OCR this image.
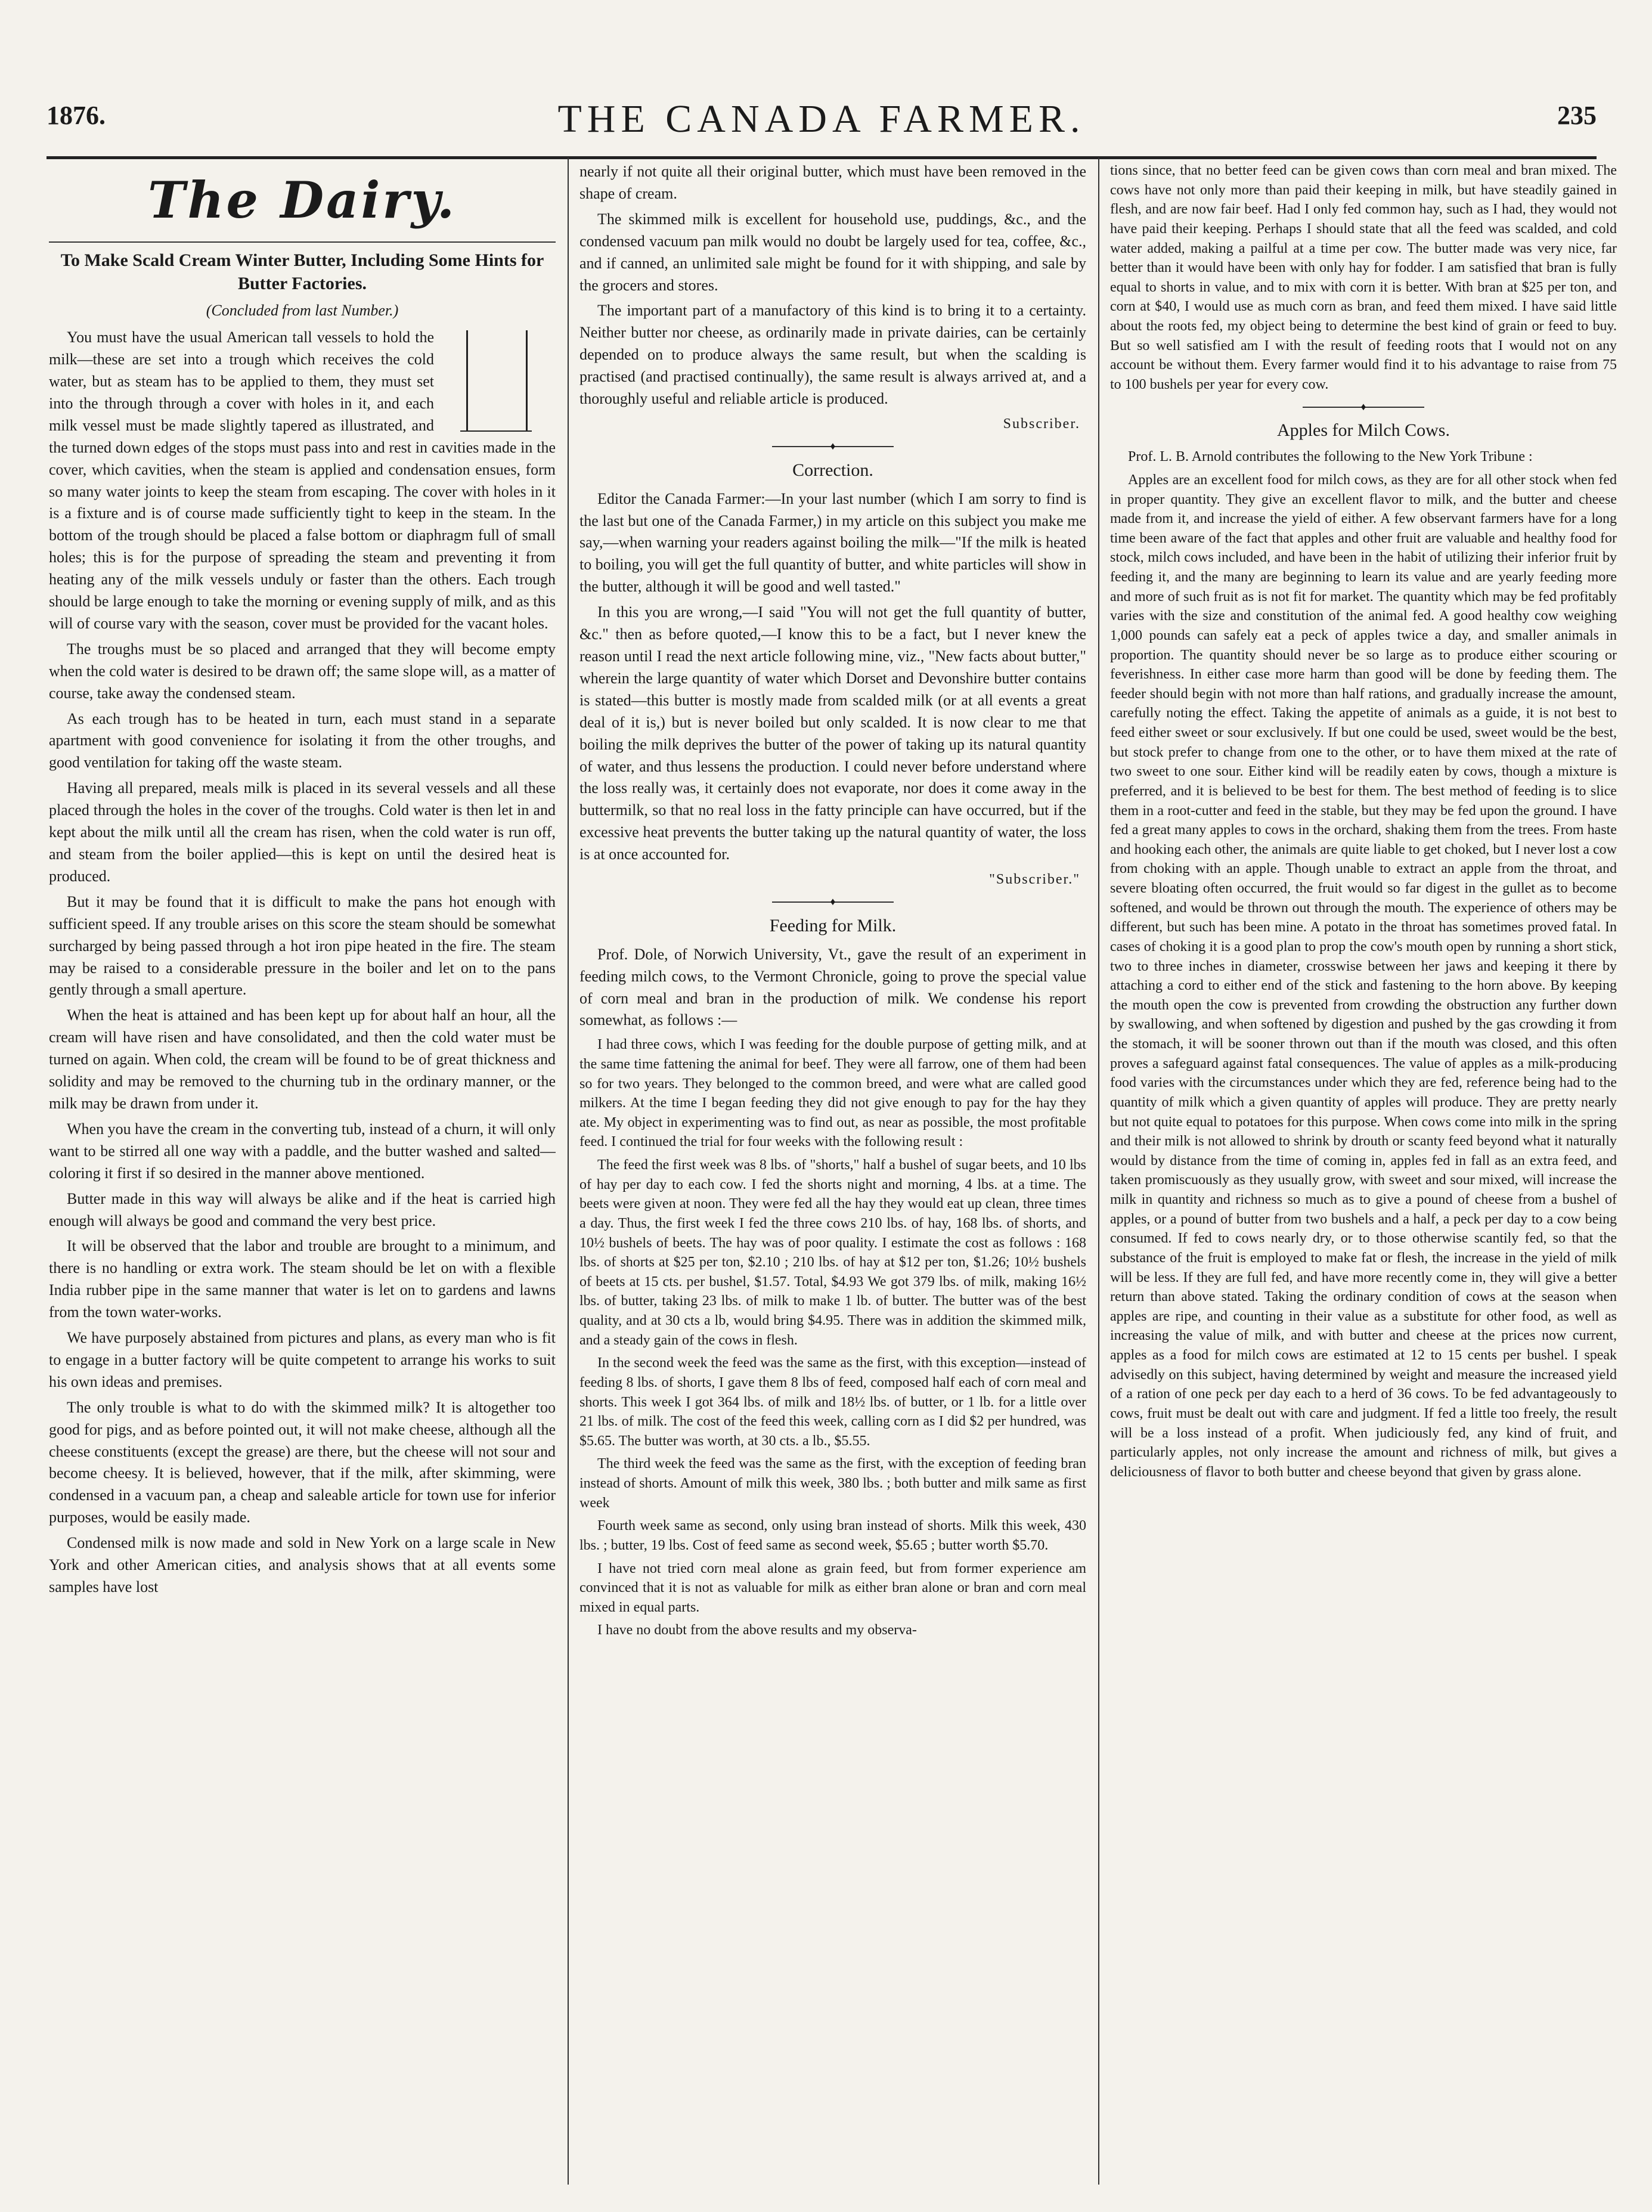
1876.	THE CANADA FARMER.	235
The Dairy.
To Make Scald Cream Winter Butter, Including Some Hints for Butter Factories.
(Concluded from last Number.)

You must have the usual American tall vessels to hold the milk—these are set into a trough which receives the cold water, but as steam has to be applied to them, they must set into the through through a cover with holes in it, and each milk vessel must be made slightly tapered as illustrated, and the turned down edges of the stops must pass into and rest in cavities made in the cover, which cavities, when the steam is applied and condensation ensues, form so many water joints to keep the steam from escaping. The cover with holes in it is a fixture and is of course made sufficiently tight to keep in the steam. In the bottom of the trough should be placed a false bottom or diaphragm full of small holes; this is for the purpose of spreading the steam and preventing it from heating any of the milk vessels unduly or faster than the others. Each trough should be large enough to take the morning or evening supply of milk, and as this will of course vary with the season, cover must be provided for the vacant holes.

The troughs must be so placed and arranged that they will become empty when the cold water is desired to be drawn off; the same slope will, as a matter of course, take away the condensed steam.

As each trough has to be heated in turn, each must stand in a separate apartment with good convenience for isolating it from the other troughs, and good ventilation for taking off the waste steam.

Having all prepared, meals milk is placed in its several vessels and all these placed through the holes in the cover of the troughs. Cold water is then let in and kept about the milk until all the cream has risen, when the cold water is run off, and steam from the boiler applied—this is kept on until the desired heat is produced.

But it may be found that it is difficult to make the pans hot enough with sufficient speed. If any trouble arises on this score the steam should be somewhat surcharged by being passed through a hot iron pipe heated in the fire. The steam may be raised to a considerable pressure in the boiler and let on to the pans gently through a small aperture.

When the heat is attained and has been kept up for about half an hour, all the cream will have risen and have consolidated, and then the cold water must be turned on again. When cold, the cream will be found to be of great thickness and solidity and may be removed to the churning tub in the ordinary manner, or the milk may be drawn from under it.

When you have the cream in the converting tub, instead of a churn, it will only want to be stirred all one way with a paddle, and the butter washed and salted—coloring it first if so desired in the manner above mentioned.

Butter made in this way will always be alike and if the heat is carried high enough will always be good and command the very best price.

It will be observed that the labor and trouble are brought to a minimum, and there is no handling or extra work. The steam should be let on with a flexible India rubber pipe in the same manner that water is let on to gardens and lawns from the town water-works.

We have purposely abstained from pictures and plans, as every man who is fit to engage in a butter factory will be quite competent to arrange his works to suit his own ideas and premises.

The only trouble is what to do with the skimmed milk? It is altogether too good for pigs, and as before pointed out, it will not make cheese, although all the cheese constituents (except the grease) are there, but the cheese will not sour and become cheesy. It is believed, however, that if the milk, after skimming, were condensed in a vacuum pan, a cheap and saleable article for town use for inferior purposes, would be easily made.

Condensed milk is now made and sold in New York on a large scale in New York and other American cities, and analysis shows that at all events some samples have lost

nearly if not quite all their original butter, which must have been removed in the shape of cream.

The skimmed milk is excellent for household use, puddings, &c., and the condensed vacuum pan milk would no doubt be largely used for tea, coffee, &c., and if canned, an unlimited sale might be found for it with shipping, and sale by the grocers and stores.

The important part of a manufactory of this kind is to bring it to a certainty. Neither butter nor cheese, as ordinarily made in private dairies, can be certainly depended on to produce always the same result, but when the scalding is practised (and practised continually), the same result is always arrived at, and a thoroughly useful and reliable article is produced.

Subscriber.
♦
Correction.

Editor the Canada Farmer:—In your last number (which I am sorry to find is the last but one of the Canada Farmer,) in my article on this subject you make me say,—when warning your readers against boiling the milk—"If the milk is heated to boiling, you will get the full quantity of butter, and white particles will show in the butter, although it will be good and well tasted."

In this you are wrong,—I said "You will not get the full quantity of butter, &c." then as before quoted,—I know this to be a fact, but I never knew the reason until I read the next article following mine, viz., "New facts about butter," wherein the large quantity of water which Dorset and Devonshire butter contains is stated—this butter is mostly made from scalded milk (or at all events a great deal of it is,) but is never boiled but only scalded. It is now clear to me that boiling the milk deprives the butter of the power of taking up its natural quantity of water, and thus lessens the production. I could never before understand where the loss really was, it certainly does not evaporate, nor does it come away in the buttermilk, so that no real loss in the fatty principle can have occurred, but if the excessive heat prevents the butter taking up the natural quantity of water, the loss is at once accounted for.

"Subscriber."
♦
Feeding for Milk.

Prof. Dole, of Norwich University, Vt., gave the result of an experiment in feeding milch cows, to the Vermont Chronicle, going to prove the special value of corn meal and bran in the production of milk. We condense his report somewhat, as follows :—

I had three cows, which I was feeding for the double purpose of getting milk, and at the same time fattening the animal for beef. They were all farrow, one of them had been so for two years. They belonged to the common breed, and were what are called good milkers. At the time I began feeding they did not give enough to pay for the hay they ate. My object in experimenting was to find out, as near as possible, the most profitable feed. I continued the trial for four weeks with the following result :

The feed the first week was 8 lbs. of "shorts," half a bushel of sugar beets, and 10 lbs of hay per day to each cow. I fed the shorts night and morning, 4 lbs. at a time. The beets were given at noon. They were fed all the hay they would eat up clean, three times a day. Thus, the first week I fed the three cows 210 lbs. of hay, 168 lbs. of shorts, and 10½ bushels of beets. The hay was of poor quality. I estimate the cost as follows : 168 lbs. of shorts at $25 per ton, $2.10 ; 210 lbs. of hay at $12 per ton, $1.26; 10½ bushels of beets at 15 cts. per bushel, $1.57. Total, $4.93 We got 379 lbs. of milk, making 16½ lbs. of butter, taking 23 lbs. of milk to make 1 lb. of butter. The butter was of the best quality, and at 30 cts a lb, would bring $4.95. There was in addition the skimmed milk, and a steady gain of the cows in flesh.

In the second week the feed was the same as the first, with this exception—instead of feeding 8 lbs. of shorts, I gave them 8 lbs of feed, composed half each of corn meal and shorts. This week I got 364 lbs. of milk and 18½ lbs. of butter, or 1 lb. for a little over 21 lbs. of milk. The cost of the feed this week, calling corn as I did $2 per hundred, was $5.65. The butter was worth, at 30 cts. a lb., $5.55.

The third week the feed was the same as the first, with the exception of feeding bran instead of shorts. Amount of milk this week, 380 lbs. ; both butter and milk same as first week

Fourth week same as second, only using bran instead of shorts. Milk this week, 430 lbs. ; butter, 19 lbs. Cost of feed same as second week, $5.65 ; butter worth $5.70.

I have not tried corn meal alone as grain feed, but from former experience am convinced that it is not as valuable for milk as either bran alone or bran and corn meal mixed in equal parts.

I have no doubt from the above results and my observa-

tions since, that no better feed can be given cows than corn meal and bran mixed. The cows have not only more than paid their keeping in milk, but have steadily gained in flesh, and are now fair beef. Had I only fed common hay, such as I had, they would not have paid their keeping. Perhaps I should state that all the feed was scalded, and cold water added, making a pailful at a time per cow. The butter made was very nice, far better than it would have been with only hay for fodder. I am satisfied that bran is fully equal to shorts in value, and to mix with corn it is better. With bran at $25 per ton, and corn at $40, I would use as much corn as bran, and feed them mixed. I have said little about the roots fed, my object being to determine the best kind of grain or feed to buy. But so well satisfied am I with the result of feeding roots that I would not on any account be without them. Every farmer would find it to his advantage to raise from 75 to 100 bushels per year for every cow.

♦
Apples for Milch Cows.

Prof. L. B. Arnold contributes the following to the New York Tribune :

Apples are an excellent food for milch cows, as they are for all other stock when fed in proper quantity. They give an excellent flavor to milk, and the butter and cheese made from it, and increase the yield of either. A few observant farmers have for a long time been aware of the fact that apples and other fruit are valuable and healthy food for stock, milch cows included, and have been in the habit of utilizing their inferior fruit by feeding it, and the many are beginning to learn its value and are yearly feeding more and more of such fruit as is not fit for market. The quantity which may be fed profitably varies with the size and constitution of the animal fed. A good healthy cow weighing 1,000 pounds can safely eat a peck of apples twice a day, and smaller animals in proportion. The quantity should never be so large as to produce either scouring or feverishness. In either case more harm than good will be done by feeding them. The feeder should begin with not more than half rations, and gradually increase the amount, carefully noting the effect. Taking the appetite of animals as a guide, it is not best to feed either sweet or sour exclusively. If but one could be used, sweet would be the best, but stock prefer to change from one to the other, or to have them mixed at the rate of two sweet to one sour. Either kind will be readily eaten by cows, though a mixture is preferred, and it is believed to be best for them. The best method of feeding is to slice them in a root-cutter and feed in the stable, but they may be fed upon the ground. I have fed a great many apples to cows in the orchard, shaking them from the trees. From haste and hooking each other, the animals are quite liable to get choked, but I never lost a cow from choking with an apple. Though unable to extract an apple from the throat, and severe bloating often occurred, the fruit would so far digest in the gullet as to become softened, and would be thrown out through the mouth. The experience of others may be different, but such has been mine. A potato in the throat has sometimes proved fatal. In cases of choking it is a good plan to prop the cow's mouth open by running a short stick, two to three inches in diameter, crosswise between her jaws and keeping it there by attaching a cord to either end of the stick and fastening to the horn above. By keeping the mouth open the cow is prevented from crowding the obstruction any further down by swallowing, and when softened by digestion and pushed by the gas crowding it from the stomach, it will be sooner thrown out than if the mouth was closed, and this often proves a safeguard against fatal consequences. The value of apples as a milk-producing food varies with the circumstances under which they are fed, reference being had to the quantity of milk which a given quantity of apples will produce. They are pretty nearly but not quite equal to potatoes for this purpose. When cows come into milk in the spring and their milk is not allowed to shrink by drouth or scanty feed beyond what it naturally would by distance from the time of coming in, apples fed in fall as an extra feed, and taken promiscuously as they usually grow, with sweet and sour mixed, will increase the milk in quantity and richness so much as to give a pound of cheese from a bushel of apples, or a pound of butter from two bushels and a half, a peck per day to a cow being consumed. If fed to cows nearly dry, or to those otherwise scantily fed, so that the substance of the fruit is employed to make fat or flesh, the increase in the yield of milk will be less. If they are full fed, and have more recently come in, they will give a better return than above stated. Taking the ordinary condition of cows at the season when apples are ripe, and counting in their value as a substitute for other food, as well as increasing the value of milk, and with butter and cheese at the prices now current, apples as a food for milch cows are estimated at 12 to 15 cents per bushel. I speak advisedly on this subject, having determined by weight and measure the increased yield of a ration of one peck per day each to a herd of 36 cows. To be fed advantageously to cows, fruit must be dealt out with care and judgment. If fed a little too freely, the result will be a loss instead of a profit. When judiciously fed, any kind of fruit, and particularly apples, not only increase the amount and richness of milk, but gives a deliciousness of flavor to both butter and cheese beyond that given by grass alone.
